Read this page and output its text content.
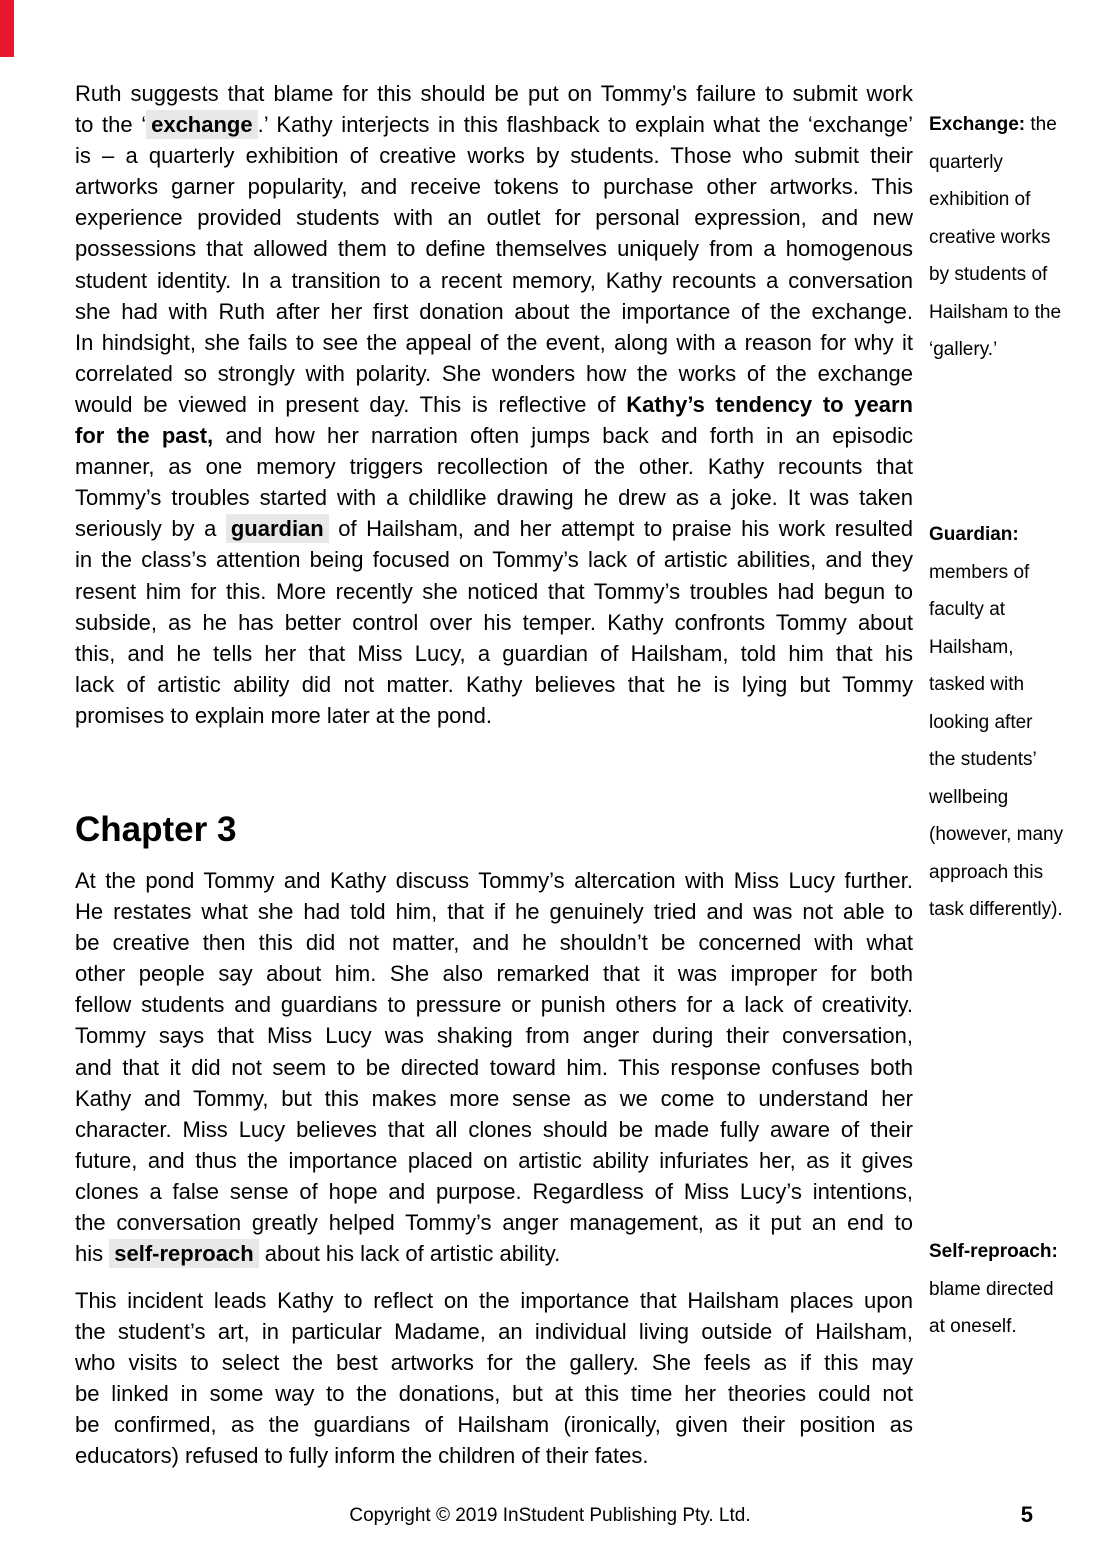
Ruth suggests that blame for this should be put on Tommy’s failure to submit work
to the ‘ exchange .’ Kathy interjects in this flashback to explain what the ‘exchange’
is – a quarterly exhibition of creative works by students. Those who submit their
artworks garner popularity, and receive tokens to purchase other artworks. This
experience provided students with an outlet for personal expression, and new
possessions that allowed them to define themselves uniquely from a homogenous
student identity. In a transition to a recent memory, Kathy recounts a conversation
she had with Ruth after her first donation about the importance of the exchange.
In hindsight, she fails to see the appeal of the event, along with a reason for why it
correlated so strongly with polarity. She wonders how the works of the exchange
would be viewed in present day. This is reflective of Kathy’s tendency to yearn
for the past, and how her narration often jumps back and forth in an episodic
manner, as one memory triggers recollection of the other. Kathy recounts that
Tommy’s troubles started with a childlike drawing he drew as a joke. It was taken
seriously by a guardian of Hailsham, and her attempt to praise his work resulted
in the class’s attention being focused on Tommy’s lack of artistic abilities, and they
resent him for this. More recently she noticed that Tommy’s troubles had begun to
subside, as he has better control over his temper. Kathy confronts Tommy about
this, and he tells her that Miss Lucy, a guardian of Hailsham, told him that his
lack of artistic ability did not matter. Kathy believes that he is lying but Tommy
promises to explain more later at the pond.
Chapter 3
At the pond Tommy and Kathy discuss Tommy’s altercation with Miss Lucy further.
He restates what she had told him, that if he genuinely tried and was not able to
be creative then this did not matter, and he shouldn’t be concerned with what
other people say about him. She also remarked that it was improper for both
fellow students and guardians to pressure or punish others for a lack of creativity.
Tommy says that Miss Lucy was shaking from anger during their conversation,
and that it did not seem to be directed toward him. This response confuses both
Kathy and Tommy, but this makes more sense as we come to understand her
character. Miss Lucy believes that all clones should be made fully aware of their
future, and thus the importance placed on artistic ability infuriates her, as it gives
clones a false sense of hope and purpose. Regardless of Miss Lucy’s intentions,
the conversation greatly helped Tommy’s anger management, as it put an end to
his self-reproach about his lack of artistic ability.
This incident leads Kathy to reflect on the importance that Hailsham places upon
the student’s art, in particular Madame, an individual living outside of Hailsham,
who visits to select the best artworks for the gallery. She feels as if this may
be linked in some way to the donations, but at this time her theories could not
be confirmed, as the guardians of Hailsham (ironically, given their position as
educators) refused to fully inform the children of their fates.
Exchange: the
quarterly
exhibition of
creative works
by students of
Hailsham to the
‘gallery.’
Guardian:
members of
faculty at
Hailsham,
tasked with
looking after
the students’
wellbeing
(however, many
approach this
task differently).
Self-reproach:
blame directed
at oneself.
Copyright © 2019 InStudent Publishing Pty. Ltd.	5
